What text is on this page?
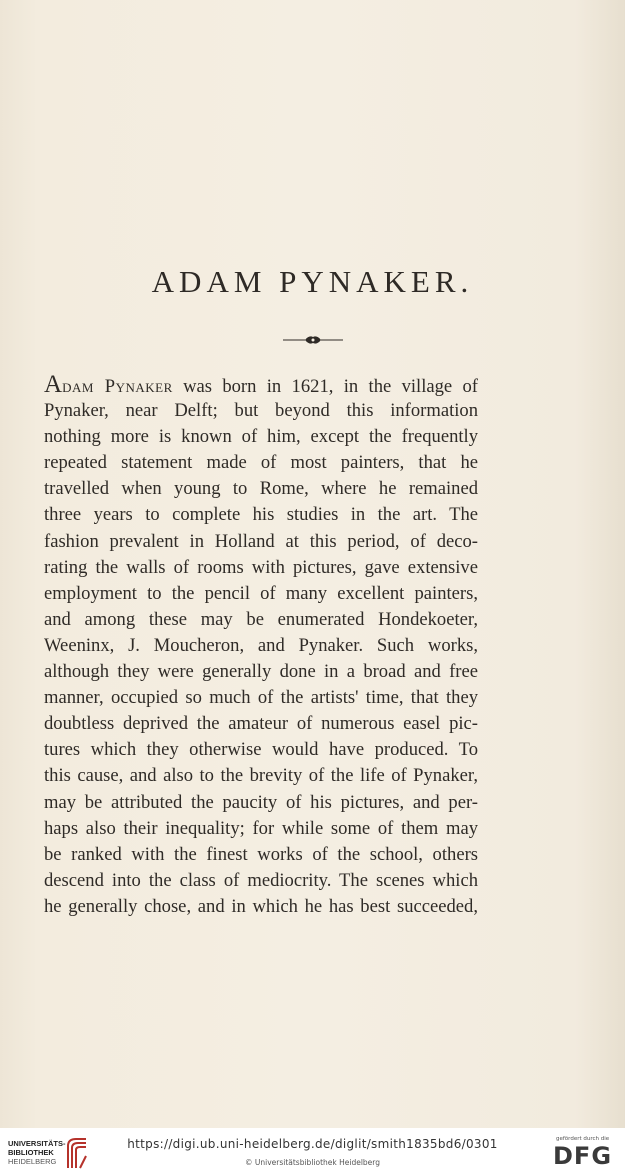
ADAM PYNAKER.
Adam Pynaker was born in 1621, in the village of
Pynaker, near Delft; but beyond this information
nothing more is known of him, except the frequently
repeated statement made of most painters, that he
travelled when young to Rome, where he remained
three years to complete his studies in the art. The
fashion prevalent in Holland at this period, of deco-
rating the walls of rooms with pictures, gave extensive
employment to the pencil of many excellent painters,
and among these may be enumerated Hondekoeter,
Weeninx, J. Moucheron, and Pynaker. Such works,
although they were generally done in a broad and free
manner, occupied so much of the artists' time, that they
doubtless deprived the amateur of numerous easel pic-
tures which they otherwise would have produced. To
this cause, and also to the brevity of the life of Pynaker,
may be attributed the paucity of his pictures, and per-
haps also their inequality; for while some of them may
be ranked with the finest works of the school, others
descend into the class of mediocrity. The scenes which
he generally chose, and in which he has best succeeded,
UNIVERSITÄTS-
BIBLIOTHEK
HEIDELBERG
https://digi.ub.uni-heidelberg.de/diglit/smith1835bd6/0301
© Universitätsbibliothek Heidelberg
gefördert durch die
DFG
